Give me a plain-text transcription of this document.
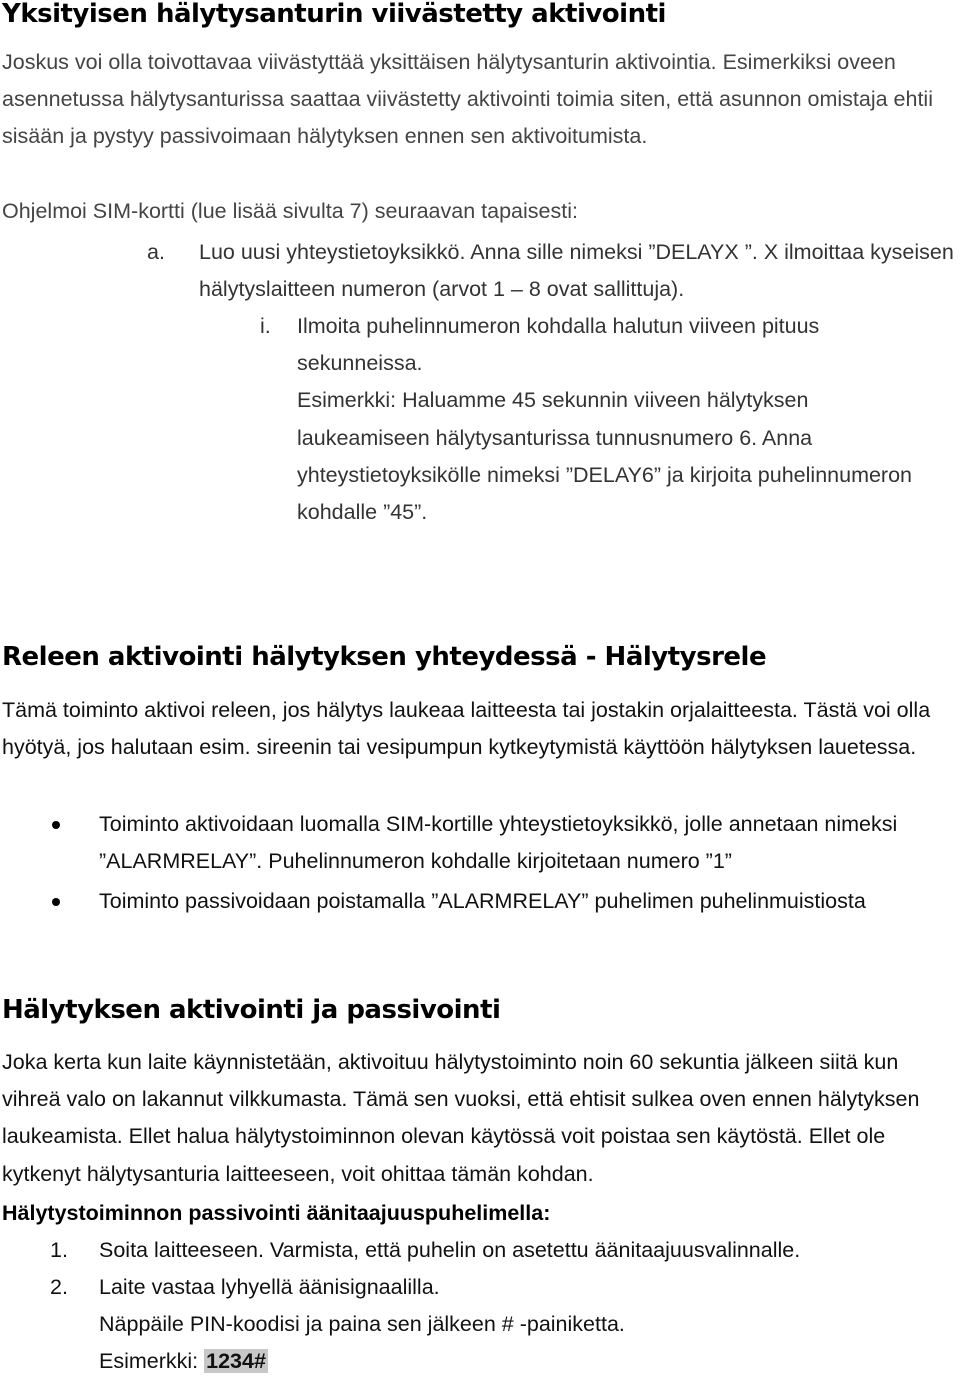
Yksityisen hälytysanturin viivästetty aktivointi

Joskus voi olla toivottavaa viivästyttää yksittäisen hälytysanturin aktivointia. Esimerkiksi oveen asennetussa hälytysanturissa saattaa viivästetty aktivointi toimia siten, että asunnon omistaja ehtii sisään ja pystyy passivoimaan hälytyksen ennen sen aktivoitumista.

Ohjelmoi SIM-kortti (lue lisää sivulta 7) seuraavan tapaisesti:

a. Luo uusi yhteystietoyksikkö. Anna sille nimeksi ”DELAYX ”. X ilmoittaa kyseisen hälytyslaitteen numeron (arvot 1 – 8 ovat sallittuja).
i. Ilmoita puhelinnumeron kohdalla halutun viiveen pituus sekunneissa.

Esimerkki: Haluamme 45 sekunnin viiveen hälytyksen laukeamiseen hälytysanturissa tunnusnumero 6. Anna yhteystietoyksikölle nimeksi ”DELAY6” ja kirjoita puhelinnumeron kohdalle ”45”.

Releen aktivointi hälytyksen yhteydessä - Hälytysrele

Tämä toiminto aktivoi releen, jos hälytys laukeaa laitteesta tai jostakin orjalaitteesta. Tästä voi olla hyötyä, jos halutaan esim. sireenin tai vesipumpun kytkeytymistä käyttöön hälytyksen lauetessa.

Toiminto aktivoidaan luomalla SIM-kortille yhteystietoyksikkö, jolle annetaan nimeksi ”ALARMRELAY”. Puhelinnumeron kohdalle kirjoitetaan numero ”1”
Toiminto passivoidaan poistamalla ”ALARMRELAY” puhelimen puhelinmuistiosta
Hälytyksen aktivointi ja passivointi

Joka kerta kun laite käynnistetään, aktivoituu hälytystoiminto noin 60 sekuntia jälkeen siitä kun vihreä valo on lakannut vilkkumasta. Tämä sen vuoksi, että ehtisit sulkea oven ennen hälytyksen laukeamista. Ellet halua hälytystoiminnon olevan käytössä voit poistaa sen käytöstä. Ellet ole kytkenyt hälytysanturia laitteeseen, voit ohittaa tämän kohdan.

Hälytystoiminnon passivointi äänitaajuuspuhelimella:

1. Soita laitteeseen. Varmista, että puhelin on asetettu äänitaajuusvalinnalle.

2. Laite vastaa lyhyellä äänisignaalilla.

Näppäile PIN-koodisi ja paina sen jälkeen # -painiketta.

Esimerkki: 1234#
